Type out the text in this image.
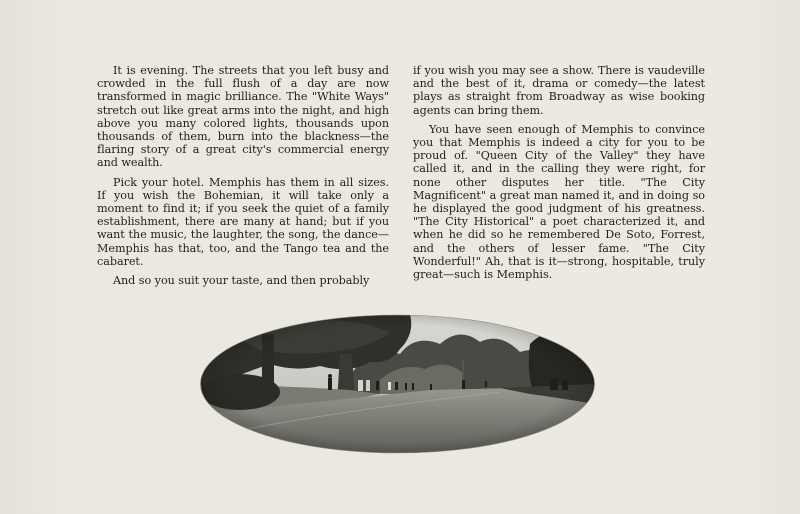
It is evening. The streets that you left busy and crowded in the full flush of a day are now transformed in magic brilliance. The "White Ways" stretch out like great arms into the night, and high above you many colored lights, thousands upon thousands of them, burn into the blackness—the flaring story of a great city's commercial energy and wealth.

Pick your hotel. Memphis has them in all sizes. If you wish the Bohemian, it will take only a moment to find it; if you seek the quiet of a family establishment, there are many at hand; but if you want the music, the laughter, the song, the dance—Memphis has that, too, and the Tango tea and the cabaret.

And so you suit your taste, and then probably

if you wish you may see a show. There is vaudeville and the best of it, drama or comedy—the latest plays as straight from Broadway as wise booking agents can bring them.

You have seen enough of Memphis to convince you that Memphis is indeed a city for you to be proud of. "Queen City of the Valley" they have called it, and in the calling they were right, for none other disputes her title. "The City Magnificent" a great man named it, and in doing so he displayed the good judgment of his greatness. "The City Historical" a poet characterized it, and when he did so he remembered De Soto, Forrest, and the others of lesser fame. "The City Wonderful!" Ah, that is it—strong, hospitable, truly great—such is Memphis.
